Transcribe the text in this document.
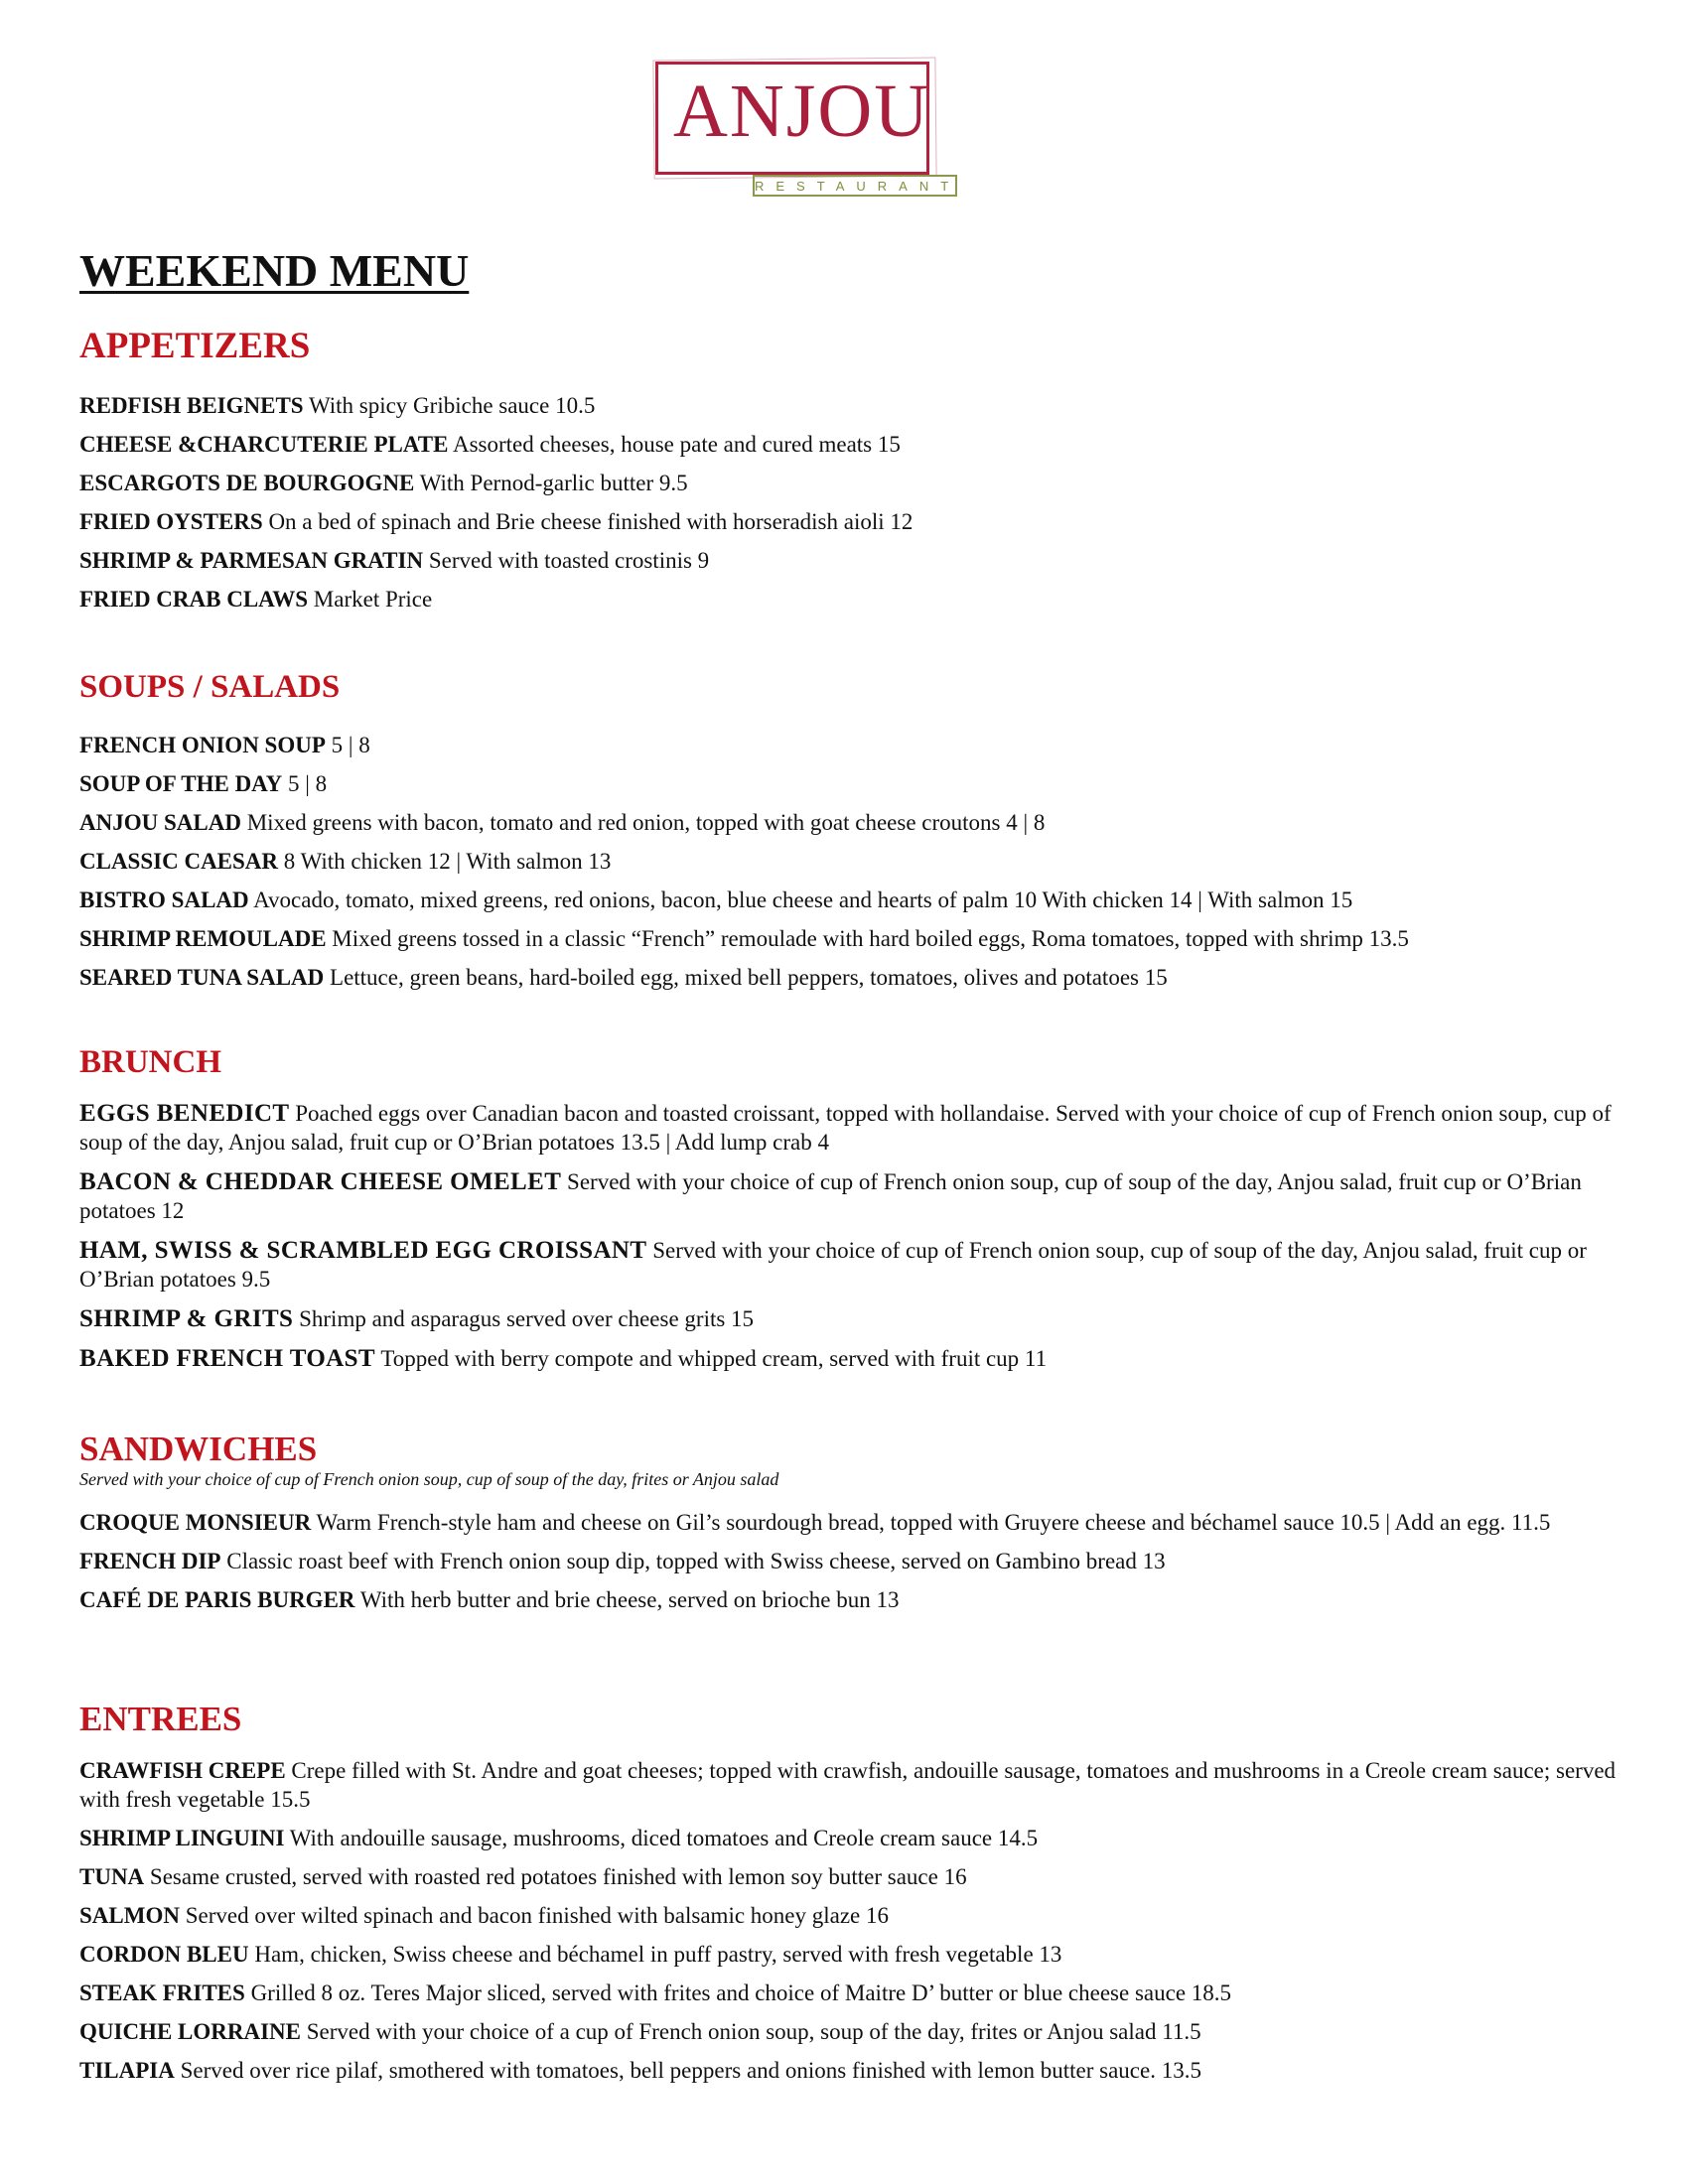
ANJOU
RESTAURANT
WEEKEND MENU
APPETIZERS
REDFISH BEIGNETS With spicy Gribiche sauce 10.5
CHEESE &CHARCUTERIE PLATE Assorted cheeses, house pate and cured meats 15
ESCARGOTS DE BOURGOGNE With Pernod-garlic butter 9.5
FRIED OYSTERS On a bed of spinach and Brie cheese finished with horseradish aioli 12
SHRIMP & PARMESAN GRATIN Served with toasted crostinis 9
FRIED CRAB CLAWS Market Price
SOUPS / SALADS
FRENCH ONION SOUP 5 | 8
SOUP OF THE DAY 5 | 8
ANJOU SALAD Mixed greens with bacon, tomato and red onion, topped with goat cheese croutons 4 | 8
CLASSIC CAESAR 8 With chicken 12 | With salmon 13
BISTRO SALAD Avocado, tomato, mixed greens, red onions, bacon, blue cheese and hearts of palm 10 With chicken 14 | With salmon 15
SHRIMP REMOULADE Mixed greens tossed in a classic “French” remoulade with hard boiled eggs, Roma tomatoes, topped with shrimp 13.5
SEARED TUNA SALAD Lettuce, green beans, hard-boiled egg, mixed bell peppers, tomatoes, olives and potatoes 15
BRUNCH
EGGS BENEDICT Poached eggs over Canadian bacon and toasted croissant, topped with hollandaise. Served with your choice of cup of French onion soup, cup of soup of the day, Anjou salad, fruit cup or O’Brian potatoes 13.5 | Add lump crab 4
BACON & CHEDDAR CHEESE OMELET Served with your choice of cup of French onion soup, cup of soup of the day, Anjou salad, fruit cup or O’Brian potatoes 12
HAM, SWISS & SCRAMBLED EGG CROISSANT Served with your choice of cup of French onion soup, cup of soup of the day, Anjou salad, fruit cup or O’Brian potatoes 9.5
SHRIMP & GRITS Shrimp and asparagus served over cheese grits 15
BAKED FRENCH TOAST Topped with berry compote and whipped cream, served with fruit cup 11
SANDWICHES
Served with your choice of cup of French onion soup, cup of soup of the day, frites or Anjou salad
CROQUE MONSIEUR Warm French-style ham and cheese on Gil’s sourdough bread, topped with Gruyere cheese and béchamel sauce 10.5 | Add an egg. 11.5
FRENCH DIP Classic roast beef with French onion soup dip, topped with Swiss cheese, served on Gambino bread 13
CAFÉ DE PARIS BURGER With herb butter and brie cheese, served on brioche bun 13
ENTREES
CRAWFISH CREPE Crepe filled with St. Andre and goat cheeses; topped with crawfish, andouille sausage, tomatoes and mushrooms in a Creole cream sauce; served with fresh vegetable 15.5
SHRIMP LINGUINI With andouille sausage, mushrooms, diced tomatoes and Creole cream sauce 14.5
TUNA Sesame crusted, served with roasted red potatoes finished with lemon soy butter sauce 16
SALMON Served over wilted spinach and bacon finished with balsamic honey glaze 16
CORDON BLEU Ham, chicken, Swiss cheese and béchamel in puff pastry, served with fresh vegetable 13
STEAK FRITES Grilled 8 oz. Teres Major sliced, served with frites and choice of Maitre D’ butter or blue cheese sauce 18.5
QUICHE LORRAINE Served with your choice of a cup of French onion soup, soup of the day, frites or Anjou salad 11.5
TILAPIA Served over rice pilaf, smothered with tomatoes, bell peppers and onions finished with lemon butter sauce. 13.5
